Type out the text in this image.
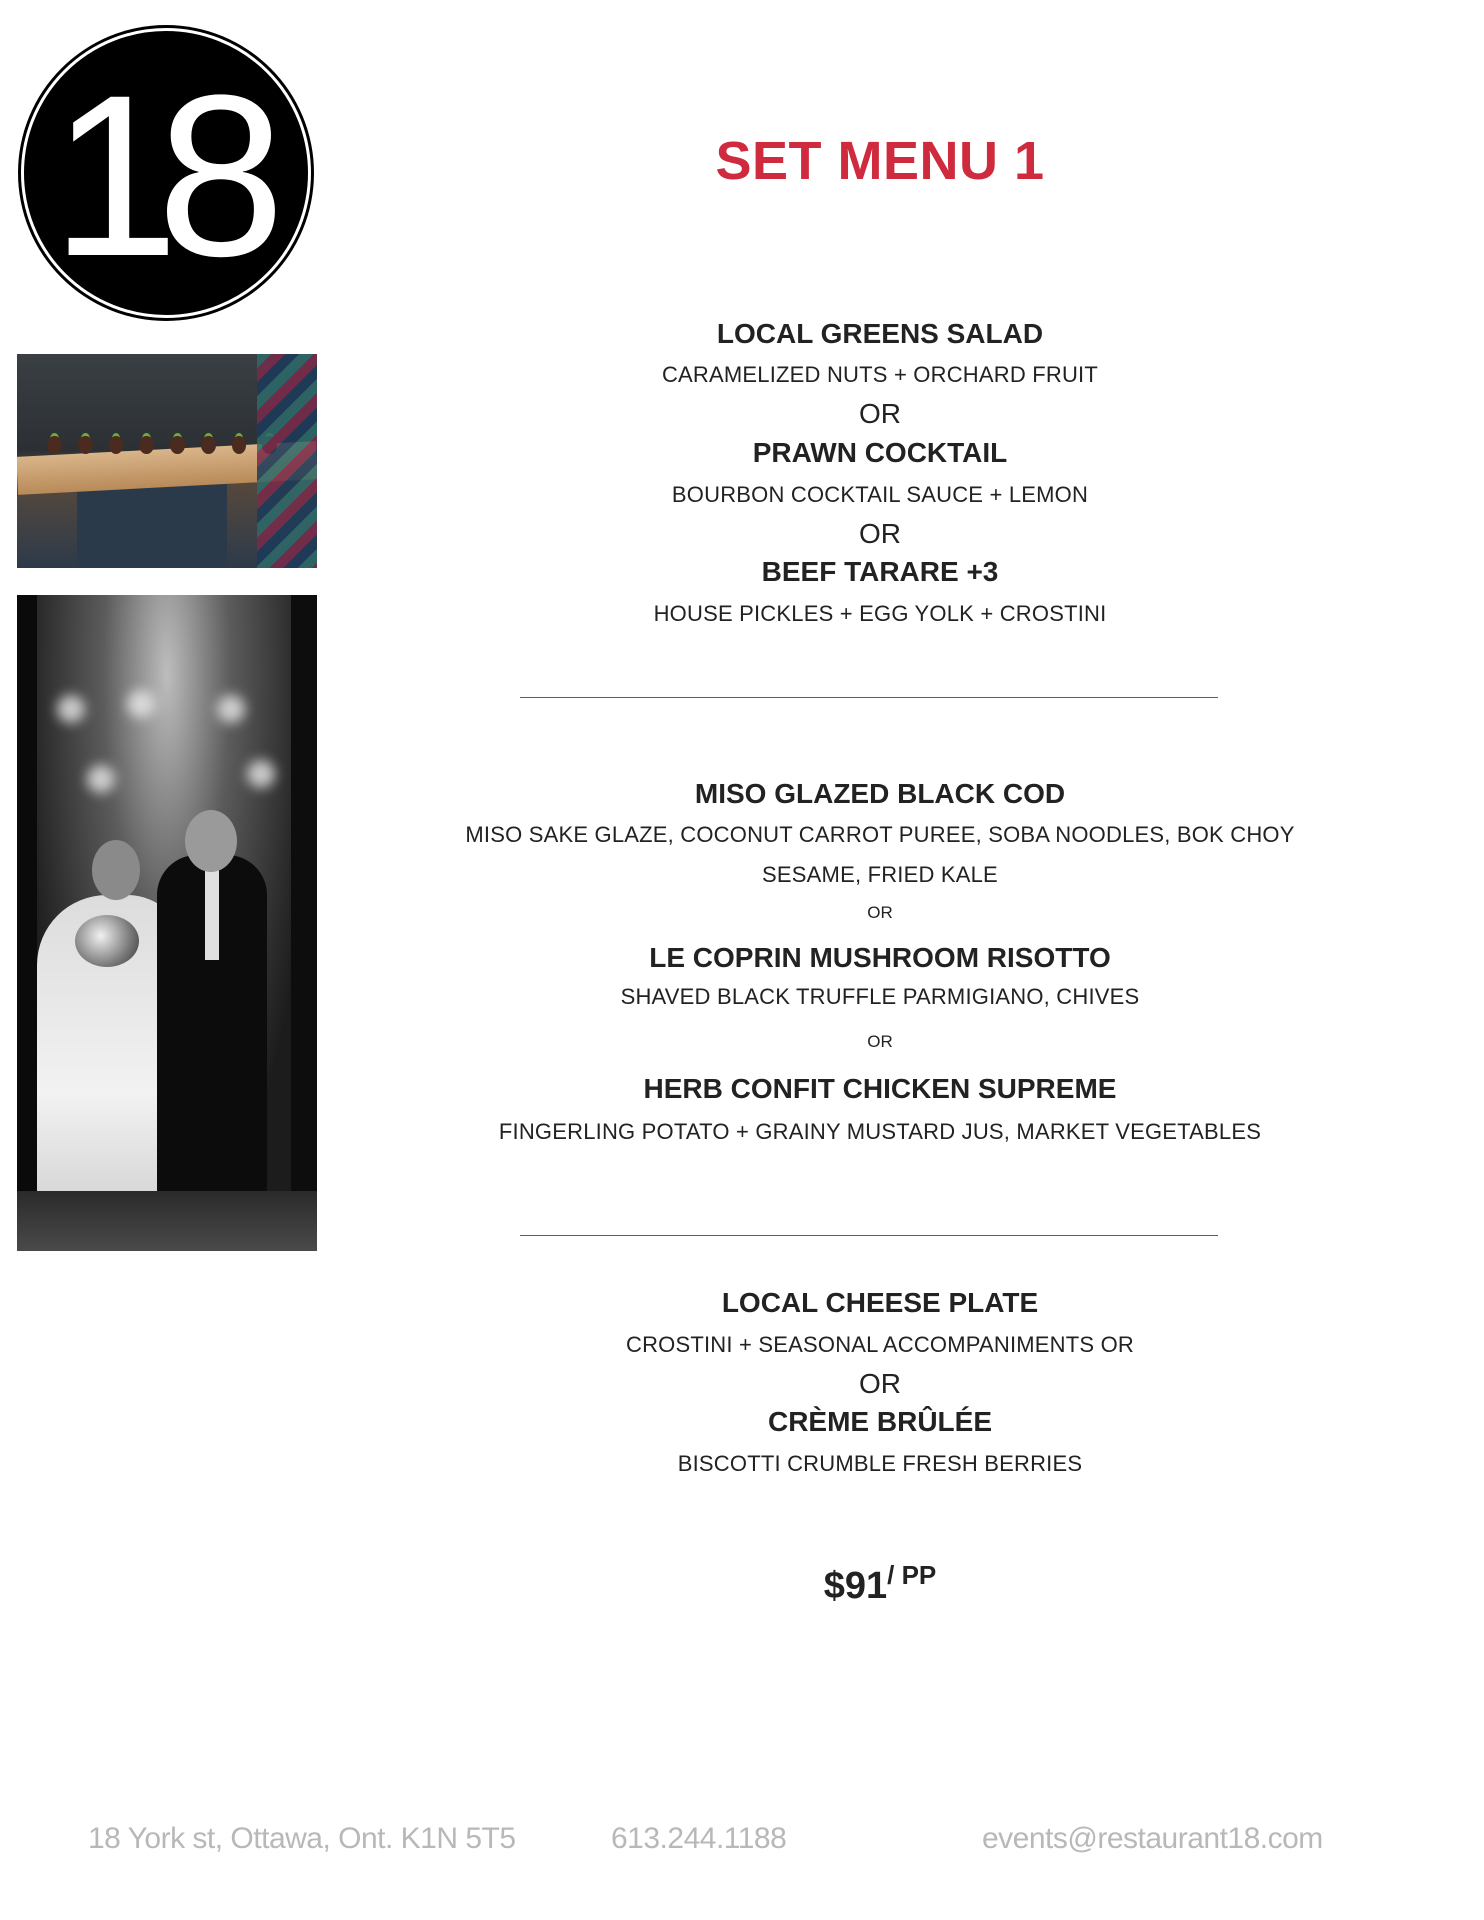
18	SET MENU 1
LOCAL GREENS SALAD
CARAMELIZED NUTS + ORCHARD FRUIT
OR
PRAWN COCKTAIL
BOURBON COCKTAIL SAUCE + LEMON
OR
BEEF TARARE +3
HOUSE PICKLES + EGG YOLK + CROSTINI
MISO GLAZED BLACK COD
MISO SAKE GLAZE, COCONUT CARROT PUREE, SOBA NOODLES, BOK CHOY
SESAME, FRIED KALE
OR
LE COPRIN MUSHROOM RISOTTO
SHAVED BLACK TRUFFLE PARMIGIANO, CHIVES
OR
HERB CONFIT CHICKEN SUPREME
FINGERLING POTATO + GRAINY MUSTARD JUS, MARKET VEGETABLES
LOCAL CHEESE PLATE
CROSTINI + SEASONAL ACCOMPANIMENTS OR
OR
CRÈME BRÛLÉE
BISCOTTI CRUMBLE FRESH BERRIES
$91/ PP
18 York st, Ottawa, Ont. K1N 5T5	613.244.1188	events@restaurant18.com
